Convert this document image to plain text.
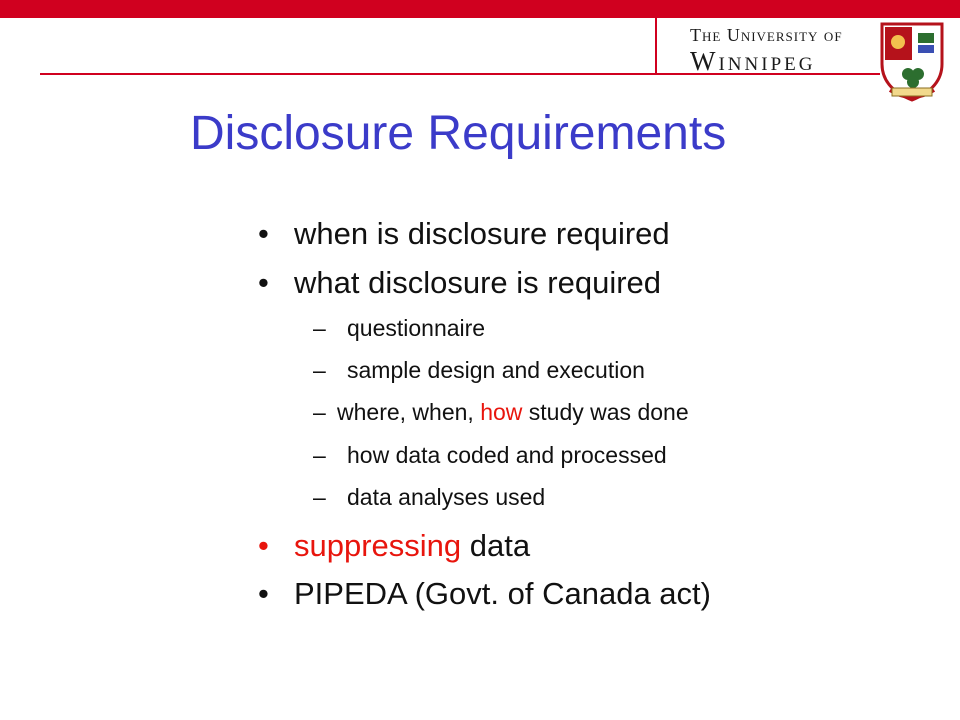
The University of
Winnipeg
Disclosure Requirements
• when is disclosure required
• what disclosure is required
– questionnaire
– sample design and execution
– where, when, how study was done
– how data coded and processed
– data analyses used
• suppressing data
• PIPEDA (Govt. of Canada act)
